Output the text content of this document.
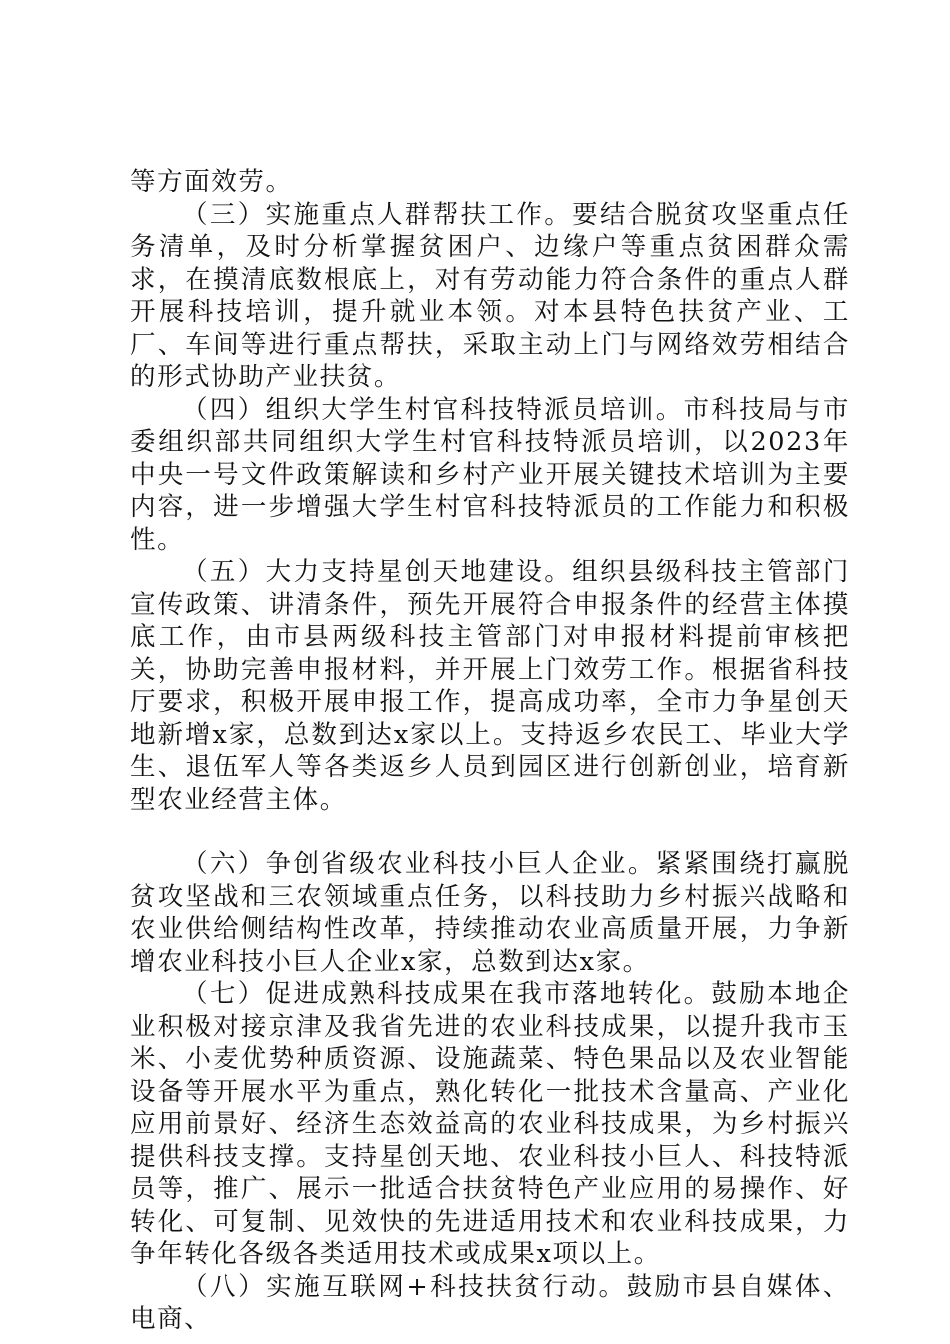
等方面效劳。

（三）实施重点人群帮扶工作。要结合脱贫攻坚重点任务清单，及时分析掌握贫困户、边缘户等重点贫困群众需求，在摸清底数根底上，对有劳动能力符合条件的重点人群开展科技培训，提升就业本领。对本县特色扶贫产业、工厂、车间等进行重点帮扶，采取主动上门与网络效劳相结合的形式协助产业扶贫。

（四）组织大学生村官科技特派员培训。市科技局与市委组织部共同组织大学生村官科技特派员培训，以2023年中央一号文件政策解读和乡村产业开展关键技术培训为主要内容，进一步增强大学生村官科技特派员的工作能力和积极性。

（五）大力支持星创天地建设。组织县级科技主管部门宣传政策、讲清条件，预先开展符合申报条件的经营主体摸底工作，由市县两级科技主管部门对申报材料提前审核把关，协助完善申报材料，并开展上门效劳工作。根据省科技厅要求，积极开展申报工作，提高成功率，全市力争星创天地新增x家，总数到达x家以上。支持返乡农民工、毕业大学生、退伍军人等各类返乡人员到园区进行创新创业，培育新型农业经营主体。

（六）争创省级农业科技小巨人企业。紧紧围绕打赢脱贫攻坚战和三农领域重点任务，以科技助力乡村振兴战略和农业供给侧结构性改革，持续推动农业高质量开展，力争新增农业科技小巨人企业x家，总数到达x家。

（七）促进成熟科技成果在我市落地转化。鼓励本地企业积极对接京津及我省先进的农业科技成果，以提升我市玉米、小麦优势种质资源、设施蔬菜、特色果品以及农业智能设备等开展水平为重点，熟化转化一批技术含量高、产业化应用前景好、经济生态效益高的农业科技成果，为乡村振兴提供科技支撑。支持星创天地、农业科技小巨人、科技特派员等，推广、展示一批适合扶贫特色产业应用的易操作、好转化、可复制、见效快的先进适用技术和农业科技成果，力争年转化各级各类适用技术或成果x项以上。

（八）实施互联网+科技扶贫行动。鼓励市县自媒体、电商、
